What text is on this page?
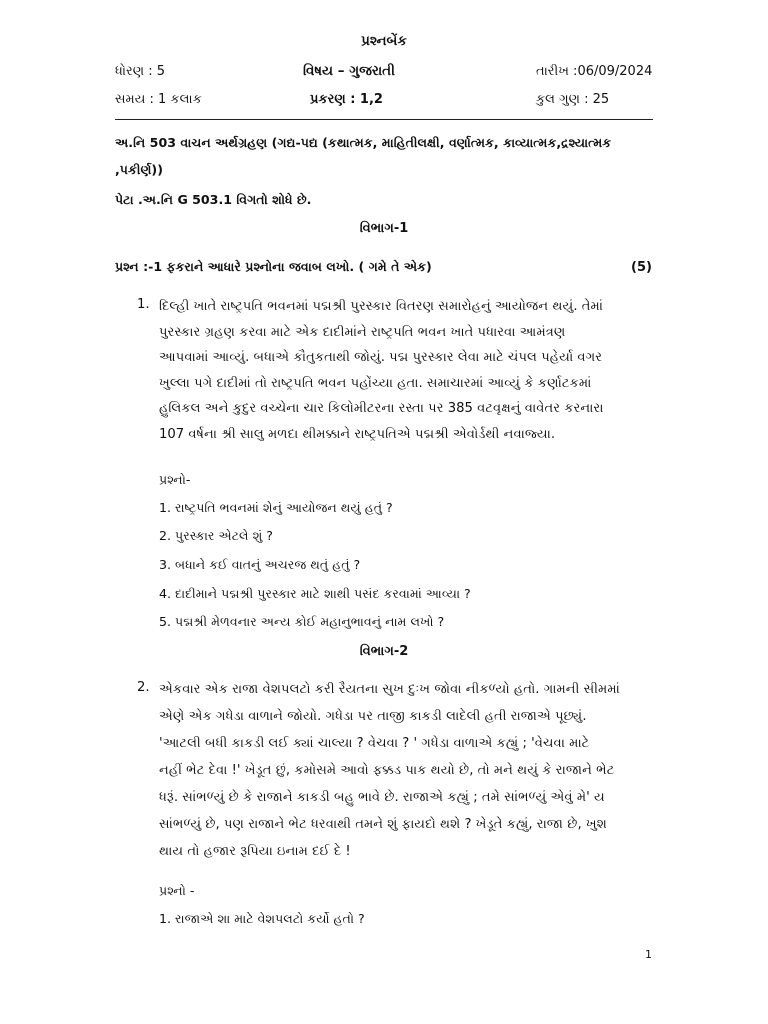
પ્રશ્નબેંક
ધોરણ : 5	વિષય – ગુજરાતી	તારીખ :06/09/2024
સમય : 1 કલાક	પ્રકરણ : 1,2	કુલ ગુણ : 25
અ.નિ 503 વાચન અર્થગ્રહણ (ગદ્ય-પદ્ય (કથાત્મક, માહિતીલક્ષી, વર્ણાત્મક, કાવ્યાત્મક,દ્રશ્યાત્મક
,પકીર્ણ))
પેટા .અ.નિ G 503.1 વિગતો શોધે છે.
વિભાગ-1
પ્રશ્ન :-1 ફકરાને આધારે પ્રશ્નોના જવાબ લખો. ( ગમે તે એક)	(5)
1. દિલ્હી ખાતે રાષ્ટ્રપતિ ભવનમાં પદ્મશ્રી પુરસ્કાર વિતરણ સમારોહનું આયોજન થયું. તેમાં
પુરસ્કાર ગ્રહણ કરવા માટે એક દાદીમાંને રાષ્ટ્રપતિ ભવન ખાતે પધારવા આમંત્રણ
આપવામાં આવ્યું. બધાએ કૌતુકતાથી જોયું. પદ્મ પુરસ્કાર લેવા માટે ચંપલ પહેર્યા વગર
ખુલ્લા પગે દાદીમાં તો રાષ્ટ્રપતિ ભવન પહોંચ્યા હતા. સમાચારમાં આવ્યું કે કર્ણાટકમાં
હુલિકલ અને કુદુર વચ્ચેના ચાર કિલોમીટરના રસ્તા પર 385 વટવૃક્ષનું વાવેતર કરનારા
107 વર્ષના શ્રી સાલુ મળદા થીમક્કાને રાષ્ટ્રપતિએ પદ્મશ્રી એવોર્ડથી નવાજ્યા.
પ્રશ્નો-
1. રાષ્ટ્રપતિ ભવનમાં શેનું આયોજન થયું હતું ?
2. પુરસ્કાર એટલે શું ?
3. બધાને કઈ વાતનું અચરજ થતું હતું ?
4. દાદીમાને પદ્મશ્રી પુરસ્કાર માટે શાથી પસંદ કરવામાં આવ્યા ?
5. પદ્મશ્રી મેળવનાર અન્ય કોઈ મહાનુભાવનું નામ લખો ?
વિભાગ-2
2. એકવાર એક રાજા વેશપલટો કરી રૈયતના સુખ દુઃખ જોવા નીકળ્યો હતો. ગામની સીમમાં
એણે એક ગધેડા વાળાને જોયો. ગધેડા પર તાજી કાકડી લાદેલી હતી રાજાએ પૂછ્યું.
'આટલી બધી કાકડી લઈ ક્યાં ચાલ્યા ? વેચવા ? ' ગધેડા વાળાએ કહ્યું ; 'વેચવા માટે
નહીં ભેટ દેવા !' ખેડૂત છું, કમોસમે આવો ફક્કડ પાક થયો છે, તો મને થયું કે રાજાને ભેટ
ધરૂં. સાંભળ્યું છે કે રાજાને કાકડી બહુ ભાવે છે. રાજાએ કહ્યું ; તમે સાંભળ્યું એવું મે' ય
સાંભળ્યું છે, પણ રાજાને ભેટ ધરવાથી તમને શું ફાયદો થશે ? ખેડૂતે કહ્યું, રાજા છે, ખુશ
થાય તો હજાર રૂપિયા ઇનામ દઈ દે !
પ્રશ્નો -
1. રાજાએ શા માટે વેશપલટો કર્યો હતો ?
1
